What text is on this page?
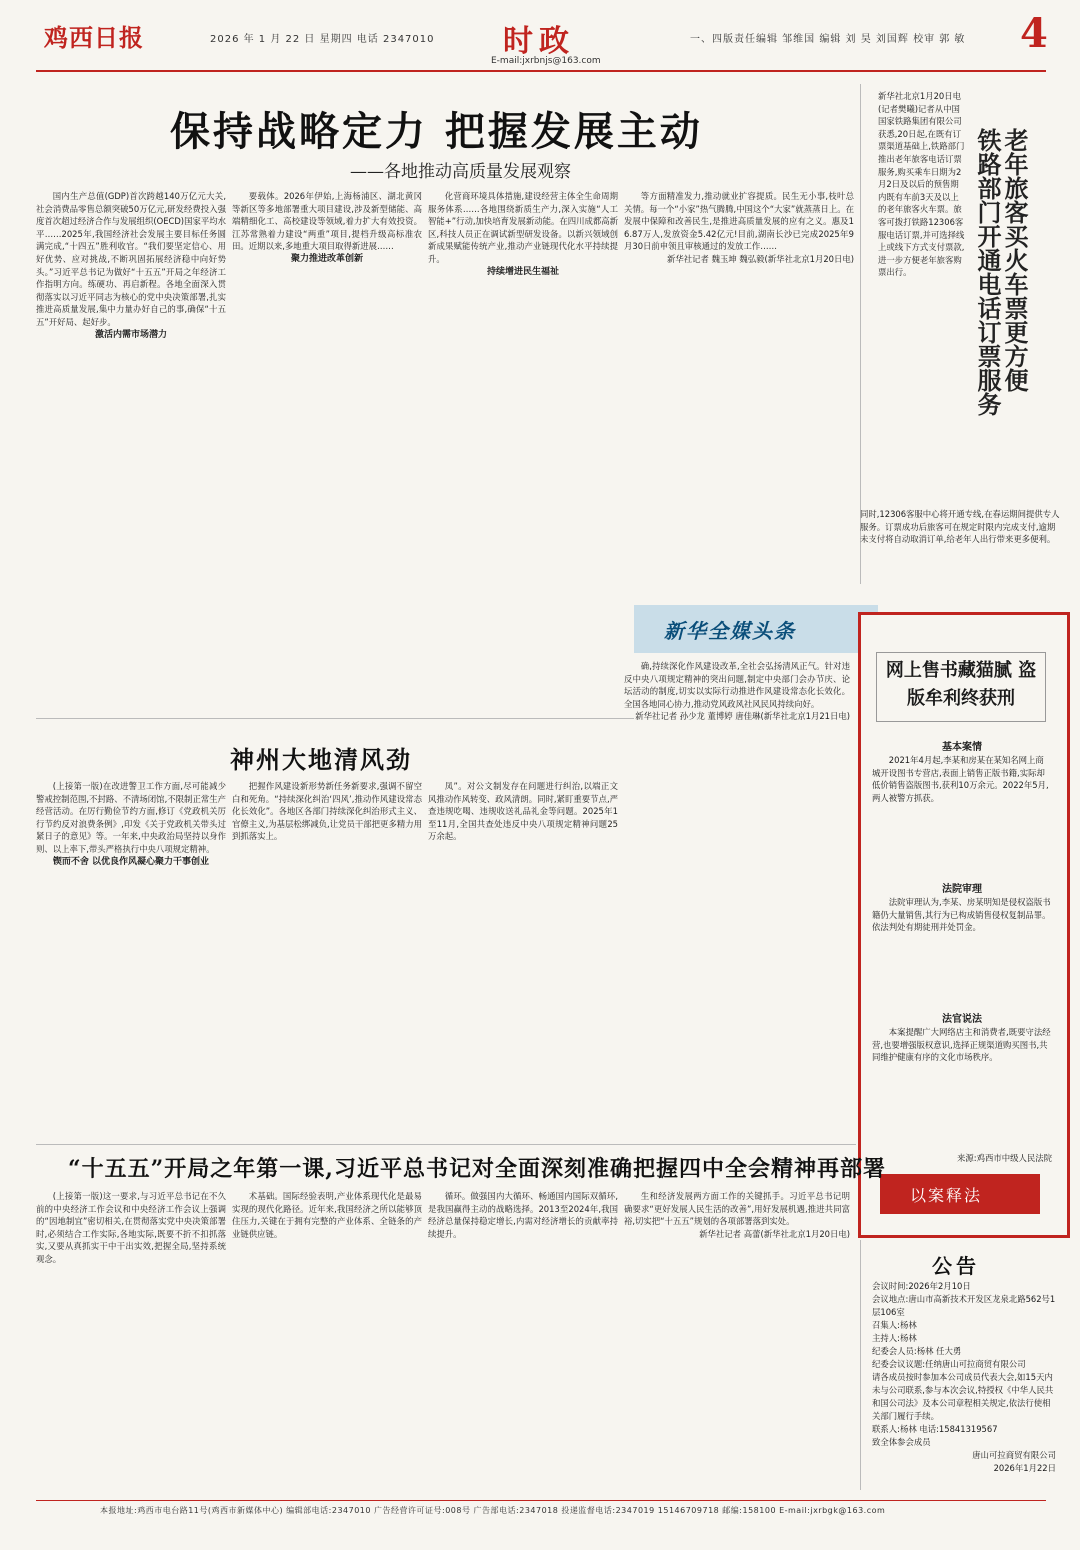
鸡西日报	2026 年 1 月 22 日 星期四 电话 2347010 时政
E-mail:jxrbnjs@163.com
一、四版责任编辑 邹维国 编辑 刘 昊 刘国辉 校审 郭 敏 4
保持战略定力 把握发展主动
——各地推动高质量发展观察

国内生产总值(GDP)首次跨越140万亿元大关,社会消费品零售总额突破50万亿元,研发经费投入强度首次超过经济合作与发展组织(OECD)国家平均水平……2025年,我国经济社会发展主要目标任务圆满完成,“十四五”胜利收官。“我们要坚定信心、用好优势、应对挑战,不断巩固拓展经济稳中向好势头。”习近平总书记为做好“十五五”开局之年经济工作指明方向。练硬功、再启新程。各地全面深入贯彻落实以习近平同志为核心的党中央决策部署,扎实推进高质量发展,集中力量办好自己的事,确保“十五五”开好局、起好步。

激活内需市场潜力

要载体。2026年伊始,上海杨浦区、湖北黄冈等新区等多地部署重大项目建设,涉及新型储能、高端精细化工、高校建设等领域,着力扩大有效投资。江苏常熟着力建设“两重”项目,提档升级高标准农田。近期以来,多地重大项目取得新进展……

聚力推进改革创新

化营商环境具体措施,建设经营主体全生命周期服务体系……各地围绕新质生产力,深入实施“人工智能+”行动,加快培育发展新动能。在四川成都高新区,科技人员正在调试新型研发设备。以新兴领域创新成果赋能传统产业,推动产业链现代化水平持续提升。

持续增进民生福祉

等方面精准发力,推动就业扩容提质。民生无小事,枝叶总关情。每一个“小家”热气腾腾,中国这个“大家”就蒸蒸日上。在发展中保障和改善民生,是推进高质量发展的应有之义。惠及16.87万人,发放资金5.42亿元!目前,湖南长沙已完成2025年9月30日前申领且审核通过的发放工作……

新华社记者 魏玉坤 魏弘毅(新华社北京1月20日电)
新华社北京1月20日电(记者樊曦)记者从中国国家铁路集团有限公司获悉,20日起,在既有订票渠道基础上,铁路部门推出老年旅客电话订票服务,购买乘车日期为2月2日及以后的预售期内既有车前3天及以上的老年旅客火车票。旅客可拨打铁路12306客服电话订票,并可选择线上或线下方式支付票款,进一步方便老年旅客购票出行。	老年旅客买火车票更方便
铁路部门开通电话订票服务
同时,12306客服中心将开通专线,在春运期间提供专人服务。订票成功后旅客可在规定时限内完成支付,逾期未支付将自动取消订单,给老年人出行带来更多便利。
新华全媒头条
神州大地清风劲

(上接第一版)在改进警卫工作方面,尽可能减少警戒控制范围,不封路、不清场闭馆,不限制正常生产经营活动。在厉行勤俭节约方面,修订《党政机关厉行节约反对浪费条例》,印发《关于党政机关带头过紧日子的意见》等。一年来,中央政治局坚持以身作则、以上率下,带头严格执行中央八项规定精神。

锲而不舍 以优良作风凝心聚力干事创业

把握作风建设新形势新任务新要求,强调不留空白和死角。“持续深化纠治‘四风’,推动作风建设常态化长效化”。各地区各部门持续深化纠治形式主义、官僚主义,为基层松绑减负,让党员干部把更多精力用到抓落实上。

凤”。对公文制发存在问题进行纠治,以端正文风推动作风转变、政风清朗。同时,紧盯重要节点,严查违规吃喝、违规收送礼品礼金等问题。2025年1至11月,全国共查处违反中央八项规定精神问题25万余起。

确,持续深化作风建设改革,全社会弘扬清风正气。针对违反中央八项规定精神的突出问题,制定中央部门会办节庆、论坛活动的制度,切实以实际行动推进作风建设常态化长效化。全国各地同心协力,推动党风政风社风民风持续向好。

新华社记者 孙少龙 董博婷 唐佳琳(新华社北京1月21日电)
网上售书藏猫腻 盗版牟利终获刑
基本案情

2021年4月起,李某和房某在某知名网上商城开设图书专营店,表面上销售正版书籍,实际却低价销售盗版图书,获利10万余元。2022年5月,两人被警方抓获。

法院审理

法院审理认为,李某、房某明知是侵权盗版书籍仍大量销售,其行为已构成销售侵权复制品罪。依法判处有期徒刑并处罚金。

法官说法

本案提醒广大网络店主和消费者,既要守法经营,也要增强版权意识,选择正规渠道购买图书,共同维护健康有序的文化市场秩序。

来源:鸡西市中级人民法院
以案释法
“十五五”开局之年第一课,习近平总书记对全面深刻准确把握四中全会精神再部署

(上接第一版)这一要求,与习近平总书记在不久前的中央经济工作会议和中央经济工作会议上强调的“因地制宜”密切相关,在贯彻落实党中央决策部署时,必须结合工作实际,各地实际,既要不折不扣抓落实,又要从真抓实干中干出实效,把握全局,坚持系统观念。

术基础。国际经验表明,产业体系现代化是最易实现的现代化路径。近年来,我国经济之所以能够顶住压力,关键在于拥有完整的产业体系、全链条的产业链供应链。

循环。做强国内大循环、畅通国内国际双循环,是我国赢得主动的战略选择。2013至2024年,我国经济总量保持稳定增长,内需对经济增长的贡献率持续提升。

生和经济发展两方面工作的关键抓手。习近平总书记明确要求“更好发展人民生活的改善”,用好发展机遇,推进共同富裕,切实把“十五五”规划的各项部署落到实处。

新华社记者 高蕾(新华社北京1月20日电)
公告
会议时间:2026年2月10日
会议地点:唐山市高新技术开发区龙泉北路562号1层106室
召集人:杨林
主持人:杨林
纪委会人员:杨林 任大勇
纪委会议议题:任纳唐山可拉商贸有限公司
请各成员按时参加本公司成员代表大会,如15天内未与公司联系,参与本次会议,特授权《中华人民共和国公司法》及本公司章程相关规定,依法行使相关部门履行手续。
联系人:杨林 电话:15841319567
致全体参会成员
唐山可拉商贸有限公司
2026年1月22日
本报地址:鸡西市电台路11号(鸡西市新媒体中心) 编辑部电话:2347010 广告经营许可证号:008号 广告部电话:2347018 投递监督电话:2347019 15146709718 邮编:158100 E-mail:jxrbgk@163.com
